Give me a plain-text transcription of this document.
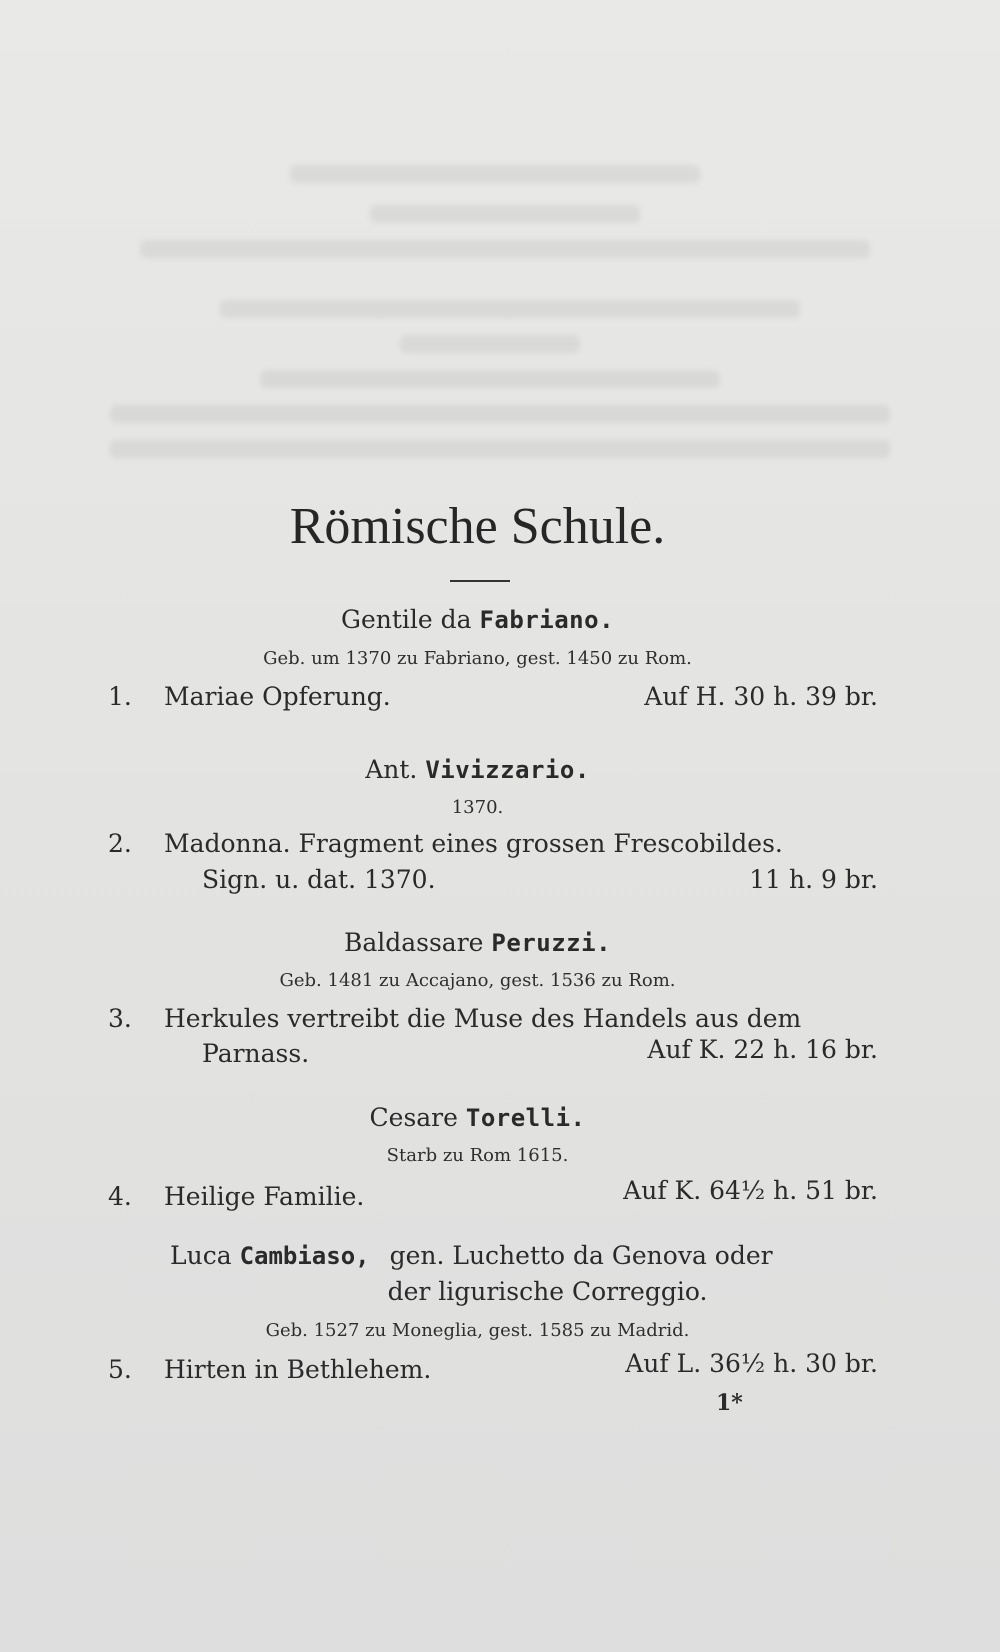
Römische Schule.
Gentile da Fabriano.
Geb. um 1370 zu Fabriano, gest. 1450 zu Rom.
1.	Mariae Opferung.	Auf H. 30 h. 39 br.
Ant. Vivizzario.
1370.
2.	Madonna. Fragment eines grossen Frescobildes.
Sign. u. dat. 1370.	11 h. 9 br.
Baldassare Peruzzi.
Geb. 1481 zu Accajano, gest. 1536 zu Rom.
3.	Herkules vertreibt die Muse des Handels aus dem
Parnass.	Auf K. 22 h. 16 br.
Cesare Torelli.
Starb zu Rom 1615.
4.	Heilige Familie.	Auf K. 64½ h. 51 br.
Luca Cambiaso, gen. Luchetto da Genova oder
der ligurische Correggio.
Geb. 1527 zu Moneglia, gest. 1585 zu Madrid.
5.	Hirten in Bethlehem.	Auf L. 36½ h. 30 br.
1*
